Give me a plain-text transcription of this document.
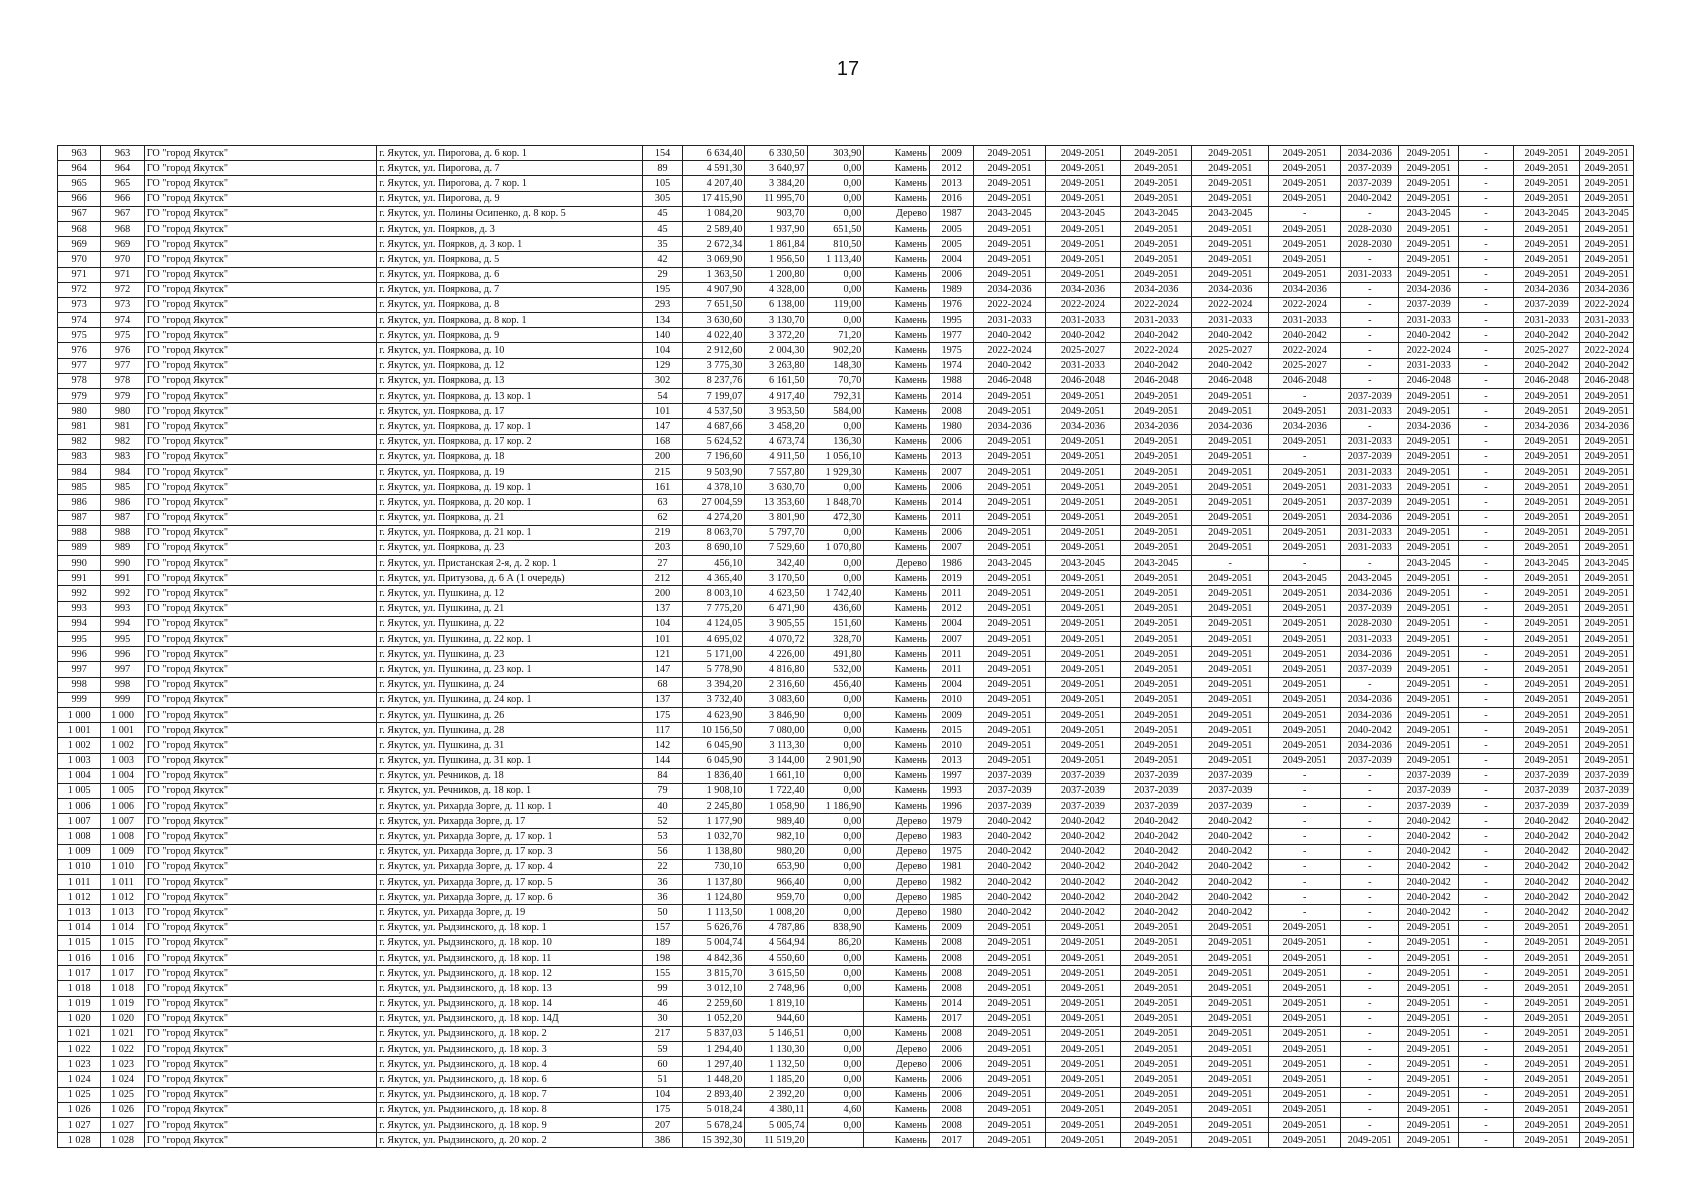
17
963	963	ГО "город Якутск"	г. Якутск, ул. Пирогова, д. 6 кор. 1	154	6 634,40	6 330,50	303,90	Камень	2009	2049-2051	2049-2051	2049-2051	2049-2051	2049-2051	2034-2036	2049-2051	-	2049-2051	2049-2051
964	964	ГО "город Якутск"	г. Якутск, ул. Пирогова, д. 7	89	4 591,30	3 640,97	0,00	Камень	2012	2049-2051	2049-2051	2049-2051	2049-2051	2049-2051	2037-2039	2049-2051	-	2049-2051	2049-2051
965	965	ГО "город Якутск"	г. Якутск, ул. Пирогова, д. 7 кор. 1	105	4 207,40	3 384,20	0,00	Камень	2013	2049-2051	2049-2051	2049-2051	2049-2051	2049-2051	2037-2039	2049-2051	-	2049-2051	2049-2051
966	966	ГО "город Якутск"	г. Якутск, ул. Пирогова, д. 9	305	17 415,90	11 995,70	0,00	Камень	2016	2049-2051	2049-2051	2049-2051	2049-2051	2049-2051	2040-2042	2049-2051	-	2049-2051	2049-2051
967	967	ГО "город Якутск"	г. Якутск, ул. Полины Осипенко, д. 8 кор. 5	45	1 084,20	903,70	0,00	Дерево	1987	2043-2045	2043-2045	2043-2045	2043-2045	-	-	2043-2045	-	2043-2045	2043-2045
968	968	ГО "город Якутск"	г. Якутск, ул. Поярков, д. 3	45	2 589,40	1 937,90	651,50	Камень	2005	2049-2051	2049-2051	2049-2051	2049-2051	2049-2051	2028-2030	2049-2051	-	2049-2051	2049-2051
969	969	ГО "город Якутск"	г. Якутск, ул. Поярков, д. 3 кор. 1	35	2 672,34	1 861,84	810,50	Камень	2005	2049-2051	2049-2051	2049-2051	2049-2051	2049-2051	2028-2030	2049-2051	-	2049-2051	2049-2051
970	970	ГО "город Якутск"	г. Якутск, ул. Пояркова, д. 5	42	3 069,90	1 956,50	1 113,40	Камень	2004	2049-2051	2049-2051	2049-2051	2049-2051	2049-2051	-	2049-2051	-	2049-2051	2049-2051
971	971	ГО "город Якутск"	г. Якутск, ул. Пояркова, д. 6	29	1 363,50	1 200,80	0,00	Камень	2006	2049-2051	2049-2051	2049-2051	2049-2051	2049-2051	2031-2033	2049-2051	-	2049-2051	2049-2051
972	972	ГО "город Якутск"	г. Якутск, ул. Пояркова, д. 7	195	4 907,90	4 328,00	0,00	Камень	1989	2034-2036	2034-2036	2034-2036	2034-2036	2034-2036	-	2034-2036	-	2034-2036	2034-2036
973	973	ГО "город Якутск"	г. Якутск, ул. Пояркова, д. 8	293	7 651,50	6 138,00	119,00	Камень	1976	2022-2024	2022-2024	2022-2024	2022-2024	2022-2024	-	2037-2039	-	2037-2039	2022-2024
974	974	ГО "город Якутск"	г. Якутск, ул. Пояркова, д. 8 кор. 1	134	3 630,60	3 130,70	0,00	Камень	1995	2031-2033	2031-2033	2031-2033	2031-2033	2031-2033	-	2031-2033	-	2031-2033	2031-2033
975	975	ГО "город Якутск"	г. Якутск, ул. Пояркова, д. 9	140	4 022,40	3 372,20	71,20	Камень	1977	2040-2042	2040-2042	2040-2042	2040-2042	2040-2042	-	2040-2042	-	2040-2042	2040-2042
976	976	ГО "город Якутск"	г. Якутск, ул. Пояркова, д. 10	104	2 912,60	2 004,30	902,20	Камень	1975	2022-2024	2025-2027	2022-2024	2025-2027	2022-2024	-	2022-2024	-	2025-2027	2022-2024
977	977	ГО "город Якутск"	г. Якутск, ул. Пояркова, д. 12	129	3 775,30	3 263,80	148,30	Камень	1974	2040-2042	2031-2033	2040-2042	2040-2042	2025-2027	-	2031-2033	-	2040-2042	2040-2042
978	978	ГО "город Якутск"	г. Якутск, ул. Пояркова, д. 13	302	8 237,76	6 161,50	70,70	Камень	1988	2046-2048	2046-2048	2046-2048	2046-2048	2046-2048	-	2046-2048	-	2046-2048	2046-2048
979	979	ГО "город Якутск"	г. Якутск, ул. Пояркова, д. 13 кор. 1	54	7 199,07	4 917,40	792,31	Камень	2014	2049-2051	2049-2051	2049-2051	2049-2051	-	2037-2039	2049-2051	-	2049-2051	2049-2051
980	980	ГО "город Якутск"	г. Якутск, ул. Пояркова, д. 17	101	4 537,50	3 953,50	584,00	Камень	2008	2049-2051	2049-2051	2049-2051	2049-2051	2049-2051	2031-2033	2049-2051	-	2049-2051	2049-2051
981	981	ГО "город Якутск"	г. Якутск, ул. Пояркова, д. 17 кор. 1	147	4 687,66	3 458,20	0,00	Камень	1980	2034-2036	2034-2036	2034-2036	2034-2036	2034-2036	-	2034-2036	-	2034-2036	2034-2036
982	982	ГО "город Якутск"	г. Якутск, ул. Пояркова, д. 17 кор. 2	168	5 624,52	4 673,74	136,30	Камень	2006	2049-2051	2049-2051	2049-2051	2049-2051	2049-2051	2031-2033	2049-2051	-	2049-2051	2049-2051
983	983	ГО "город Якутск"	г. Якутск, ул. Пояркова, д. 18	200	7 196,60	4 911,50	1 056,10	Камень	2013	2049-2051	2049-2051	2049-2051	2049-2051	-	2037-2039	2049-2051	-	2049-2051	2049-2051
984	984	ГО "город Якутск"	г. Якутск, ул. Пояркова, д. 19	215	9 503,90	7 557,80	1 929,30	Камень	2007	2049-2051	2049-2051	2049-2051	2049-2051	2049-2051	2031-2033	2049-2051	-	2049-2051	2049-2051
985	985	ГО "город Якутск"	г. Якутск, ул. Пояркова, д. 19 кор. 1	161	4 378,10	3 630,70	0,00	Камень	2006	2049-2051	2049-2051	2049-2051	2049-2051	2049-2051	2031-2033	2049-2051	-	2049-2051	2049-2051
986	986	ГО "город Якутск"	г. Якутск, ул. Пояркова, д. 20 кор. 1	63	27 004,59	13 353,60	1 848,70	Камень	2014	2049-2051	2049-2051	2049-2051	2049-2051	2049-2051	2037-2039	2049-2051	-	2049-2051	2049-2051
987	987	ГО "город Якутск"	г. Якутск, ул. Пояркова, д. 21	62	4 274,20	3 801,90	472,30	Камень	2011	2049-2051	2049-2051	2049-2051	2049-2051	2049-2051	2034-2036	2049-2051	-	2049-2051	2049-2051
988	988	ГО "город Якутск"	г. Якутск, ул. Пояркова, д. 21 кор. 1	219	8 063,70	5 797,70	0,00	Камень	2006	2049-2051	2049-2051	2049-2051	2049-2051	2049-2051	2031-2033	2049-2051	-	2049-2051	2049-2051
989	989	ГО "город Якутск"	г. Якутск, ул. Пояркова, д. 23	203	8 690,10	7 529,60	1 070,80	Камень	2007	2049-2051	2049-2051	2049-2051	2049-2051	2049-2051	2031-2033	2049-2051	-	2049-2051	2049-2051
990	990	ГО "город Якутск"	г. Якутск, ул. Пристанская 2-я, д. 2 кор. 1	27	456,10	342,40	0,00	Дерево	1986	2043-2045	2043-2045	2043-2045	-	-	-	2043-2045	-	2043-2045	2043-2045
991	991	ГО "город Якутск"	г. Якутск, ул. Притузова, д. 6 А (1 очередь)	212	4 365,40	3 170,50	0,00	Камень	2019	2049-2051	2049-2051	2049-2051	2049-2051	2043-2045	2043-2045	2049-2051	-	2049-2051	2049-2051
992	992	ГО "город Якутск"	г. Якутск, ул. Пушкина, д. 12	200	8 003,10	4 623,50	1 742,40	Камень	2011	2049-2051	2049-2051	2049-2051	2049-2051	2049-2051	2034-2036	2049-2051	-	2049-2051	2049-2051
993	993	ГО "город Якутск"	г. Якутск, ул. Пушкина, д. 21	137	7 775,20	6 471,90	436,60	Камень	2012	2049-2051	2049-2051	2049-2051	2049-2051	2049-2051	2037-2039	2049-2051	-	2049-2051	2049-2051
994	994	ГО "город Якутск"	г. Якутск, ул. Пушкина, д. 22	104	4 124,05	3 905,55	151,60	Камень	2004	2049-2051	2049-2051	2049-2051	2049-2051	2049-2051	2028-2030	2049-2051	-	2049-2051	2049-2051
995	995	ГО "город Якутск"	г. Якутск, ул. Пушкина, д. 22 кор. 1	101	4 695,02	4 070,72	328,70	Камень	2007	2049-2051	2049-2051	2049-2051	2049-2051	2049-2051	2031-2033	2049-2051	-	2049-2051	2049-2051
996	996	ГО "город Якутск"	г. Якутск, ул. Пушкина, д. 23	121	5 171,00	4 226,00	491,80	Камень	2011	2049-2051	2049-2051	2049-2051	2049-2051	2049-2051	2034-2036	2049-2051	-	2049-2051	2049-2051
997	997	ГО "город Якутск"	г. Якутск, ул. Пушкина, д. 23 кор. 1	147	5 778,90	4 816,80	532,00	Камень	2011	2049-2051	2049-2051	2049-2051	2049-2051	2049-2051	2037-2039	2049-2051	-	2049-2051	2049-2051
998	998	ГО "город Якутск"	г. Якутск, ул. Пушкина, д. 24	68	3 394,20	2 316,60	456,40	Камень	2004	2049-2051	2049-2051	2049-2051	2049-2051	2049-2051	-	2049-2051	-	2049-2051	2049-2051
999	999	ГО "город Якутск"	г. Якутск, ул. Пушкина, д. 24 кор. 1	137	3 732,40	3 083,60	0,00	Камень	2010	2049-2051	2049-2051	2049-2051	2049-2051	2049-2051	2034-2036	2049-2051	-	2049-2051	2049-2051
1 000	1 000	ГО "город Якутск"	г. Якутск, ул. Пушкина, д. 26	175	4 623,90	3 846,90	0,00	Камень	2009	2049-2051	2049-2051	2049-2051	2049-2051	2049-2051	2034-2036	2049-2051	-	2049-2051	2049-2051
1 001	1 001	ГО "город Якутск"	г. Якутск, ул. Пушкина, д. 28	117	10 156,50	7 080,00	0,00	Камень	2015	2049-2051	2049-2051	2049-2051	2049-2051	2049-2051	2040-2042	2049-2051	-	2049-2051	2049-2051
1 002	1 002	ГО "город Якутск"	г. Якутск, ул. Пушкина, д. 31	142	6 045,90	3 113,30	0,00	Камень	2010	2049-2051	2049-2051	2049-2051	2049-2051	2049-2051	2034-2036	2049-2051	-	2049-2051	2049-2051
1 003	1 003	ГО "город Якутск"	г. Якутск, ул. Пушкина, д. 31 кор. 1	144	6 045,90	3 144,00	2 901,90	Камень	2013	2049-2051	2049-2051	2049-2051	2049-2051	2049-2051	2037-2039	2049-2051	-	2049-2051	2049-2051
1 004	1 004	ГО "город Якутск"	г. Якутск, ул. Речников, д. 18	84	1 836,40	1 661,10	0,00	Камень	1997	2037-2039	2037-2039	2037-2039	2037-2039	-	-	2037-2039	-	2037-2039	2037-2039
1 005	1 005	ГО "город Якутск"	г. Якутск, ул. Речников, д. 18 кор. 1	79	1 908,10	1 722,40	0,00	Камень	1993	2037-2039	2037-2039	2037-2039	2037-2039	-	-	2037-2039	-	2037-2039	2037-2039
1 006	1 006	ГО "город Якутск"	г. Якутск, ул. Рихарда Зорге, д. 11 кор. 1	40	2 245,80	1 058,90	1 186,90	Камень	1996	2037-2039	2037-2039	2037-2039	2037-2039	-	-	2037-2039	-	2037-2039	2037-2039
1 007	1 007	ГО "город Якутск"	г. Якутск, ул. Рихарда Зорге, д. 17	52	1 177,90	989,40	0,00	Дерево	1979	2040-2042	2040-2042	2040-2042	2040-2042	-	-	2040-2042	-	2040-2042	2040-2042
1 008	1 008	ГО "город Якутск"	г. Якутск, ул. Рихарда Зорге, д. 17 кор. 1	53	1 032,70	982,10	0,00	Дерево	1983	2040-2042	2040-2042	2040-2042	2040-2042	-	-	2040-2042	-	2040-2042	2040-2042
1 009	1 009	ГО "город Якутск"	г. Якутск, ул. Рихарда Зорге, д. 17 кор. 3	56	1 138,80	980,20	0,00	Дерево	1975	2040-2042	2040-2042	2040-2042	2040-2042	-	-	2040-2042	-	2040-2042	2040-2042
1 010	1 010	ГО "город Якутск"	г. Якутск, ул. Рихарда Зорге, д. 17 кор. 4	22	730,10	653,90	0,00	Дерево	1981	2040-2042	2040-2042	2040-2042	2040-2042	-	-	2040-2042	-	2040-2042	2040-2042
1 011	1 011	ГО "город Якутск"	г. Якутск, ул. Рихарда Зорге, д. 17 кор. 5	36	1 137,80	966,40	0,00	Дерево	1982	2040-2042	2040-2042	2040-2042	2040-2042	-	-	2040-2042	-	2040-2042	2040-2042
1 012	1 012	ГО "город Якутск"	г. Якутск, ул. Рихарда Зорге, д. 17 кор. 6	36	1 124,80	959,70	0,00	Дерево	1985	2040-2042	2040-2042	2040-2042	2040-2042	-	-	2040-2042	-	2040-2042	2040-2042
1 013	1 013	ГО "город Якутск"	г. Якутск, ул. Рихарда Зорге, д. 19	50	1 113,50	1 008,20	0,00	Дерево	1980	2040-2042	2040-2042	2040-2042	2040-2042	-	-	2040-2042	-	2040-2042	2040-2042
1 014	1 014	ГО "город Якутск"	г. Якутск, ул. Рыдзинского, д. 18 кор. 1	157	5 626,76	4 787,86	838,90	Камень	2009	2049-2051	2049-2051	2049-2051	2049-2051	2049-2051	-	2049-2051	-	2049-2051	2049-2051
1 015	1 015	ГО "город Якутск"	г. Якутск, ул. Рыдзинского, д. 18 кор. 10	189	5 004,74	4 564,94	86,20	Камень	2008	2049-2051	2049-2051	2049-2051	2049-2051	2049-2051	-	2049-2051	-	2049-2051	2049-2051
1 016	1 016	ГО "город Якутск"	г. Якутск, ул. Рыдзинского, д. 18 кор. 11	198	4 842,36	4 550,60	0,00	Камень	2008	2049-2051	2049-2051	2049-2051	2049-2051	2049-2051	-	2049-2051	-	2049-2051	2049-2051
1 017	1 017	ГО "город Якутск"	г. Якутск, ул. Рыдзинского, д. 18 кор. 12	155	3 815,70	3 615,50	0,00	Камень	2008	2049-2051	2049-2051	2049-2051	2049-2051	2049-2051	-	2049-2051	-	2049-2051	2049-2051
1 018	1 018	ГО "город Якутск"	г. Якутск, ул. Рыдзинского, д. 18 кор. 13	99	3 012,10	2 748,96	0,00	Камень	2008	2049-2051	2049-2051	2049-2051	2049-2051	2049-2051	-	2049-2051	-	2049-2051	2049-2051
1 019	1 019	ГО "город Якутск"	г. Якутск, ул. Рыдзинского, д. 18 кор. 14	46	2 259,60	1 819,10		Камень	2014	2049-2051	2049-2051	2049-2051	2049-2051	2049-2051	-	2049-2051	-	2049-2051	2049-2051
1 020	1 020	ГО "город Якутск"	г. Якутск, ул. Рыдзинского, д. 18 кор. 14Д	30	1 052,20	944,60		Камень	2017	2049-2051	2049-2051	2049-2051	2049-2051	2049-2051	-	2049-2051	-	2049-2051	2049-2051
1 021	1 021	ГО "город Якутск"	г. Якутск, ул. Рыдзинского, д. 18 кор. 2	217	5 837,03	5 146,51	0,00	Камень	2008	2049-2051	2049-2051	2049-2051	2049-2051	2049-2051	-	2049-2051	-	2049-2051	2049-2051
1 022	1 022	ГО "город Якутск"	г. Якутск, ул. Рыдзинского, д. 18 кор. 3	59	1 294,40	1 130,30	0,00	Дерево	2006	2049-2051	2049-2051	2049-2051	2049-2051	2049-2051	-	2049-2051	-	2049-2051	2049-2051
1 023	1 023	ГО "город Якутск"	г. Якутск, ул. Рыдзинского, д. 18 кор. 4	60	1 297,40	1 132,50	0,00	Дерево	2006	2049-2051	2049-2051	2049-2051	2049-2051	2049-2051	-	2049-2051	-	2049-2051	2049-2051
1 024	1 024	ГО "город Якутск"	г. Якутск, ул. Рыдзинского, д. 18 кор. 6	51	1 448,20	1 185,20	0,00	Камень	2006	2049-2051	2049-2051	2049-2051	2049-2051	2049-2051	-	2049-2051	-	2049-2051	2049-2051
1 025	1 025	ГО "город Якутск"	г. Якутск, ул. Рыдзинского, д. 18 кор. 7	104	2 893,40	2 392,20	0,00	Камень	2006	2049-2051	2049-2051	2049-2051	2049-2051	2049-2051	-	2049-2051	-	2049-2051	2049-2051
1 026	1 026	ГО "город Якутск"	г. Якутск, ул. Рыдзинского, д. 18 кор. 8	175	5 018,24	4 380,11	4,60	Камень	2008	2049-2051	2049-2051	2049-2051	2049-2051	2049-2051	-	2049-2051	-	2049-2051	2049-2051
1 027	1 027	ГО "город Якутск"	г. Якутск, ул. Рыдзинского, д. 18 кор. 9	207	5 678,24	5 005,74	0,00	Камень	2008	2049-2051	2049-2051	2049-2051	2049-2051	2049-2051	-	2049-2051	-	2049-2051	2049-2051
1 028	1 028	ГО "город Якутск"	г. Якутск, ул. Рыдзинского, д. 20 кор. 2	386	15 392,30	11 519,20		Камень	2017	2049-2051	2049-2051	2049-2051	2049-2051	2049-2051	2049-2051	2049-2051	-	2049-2051	2049-2051
